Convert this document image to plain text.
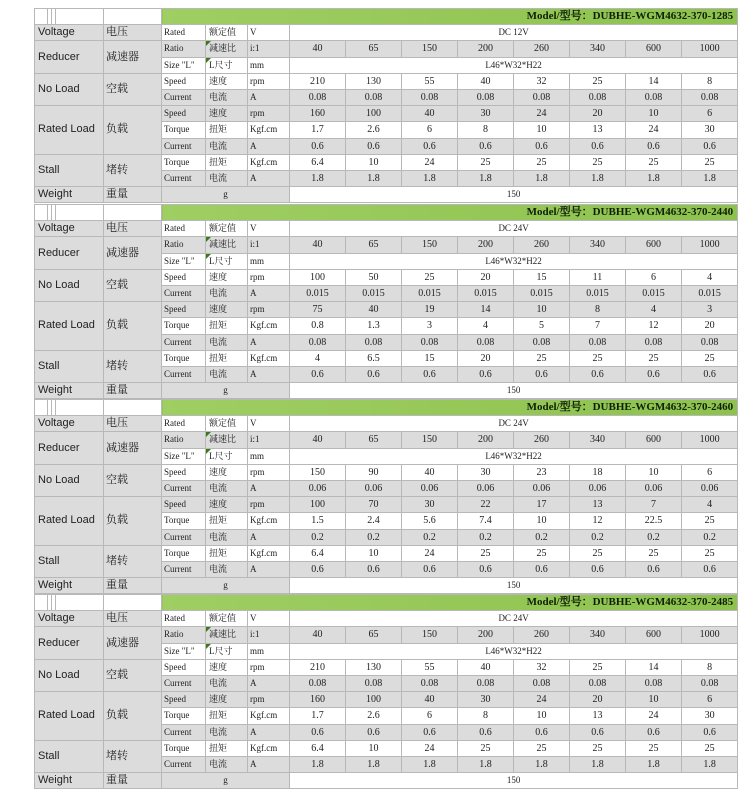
					Model/型号：DUBHE-WGM4632-370-1285										
Voltage				电压	Rated	额定值	V	DC 12V							
Reducer				减速器	Ratio	减速比	i:1	40	65	150	200	260	340	600	1000
					Size "L"	L尺寸	mm	L46*W32*H22							
No Load				空载	Speed	速度	rpm	210	130	55	40	32	25	14	8
					Current	电流	A	0.08	0.08	0.08	0.08	0.08	0.08	0.08	0.08
Rated Load				负载	Speed	速度	rpm	160	100	40	30	24	20	10	6
					Torque	扭矩	Kgf.cm	1.7	2.6	6	8	10	13	24	30
					Current	电流	A	0.6	0.6	0.6	0.6	0.6	0.6	0.6	0.6
Stall				堵转	Torque	扭矩	Kgf.cm	6.4	10	24	25	25	25	25	25
					Current	电流	A	1.8	1.8	1.8	1.8	1.8	1.8	1.8	1.8
Weight				重量	g			150							
					Model/型号：DUBHE-WGM4632-370-2440										
Voltage				电压	Rated	额定值	V	DC 24V							
Reducer				减速器	Ratio	减速比	i:1	40	65	150	200	260	340	600	1000
					Size "L"	L尺寸	mm	L46*W32*H22							
No Load				空载	Speed	速度	rpm	100	50	25	20	15	11	6	4
					Current	电流	A	0.015	0.015	0.015	0.015	0.015	0.015	0.015	0.015
Rated Load				负载	Speed	速度	rpm	75	40	19	14	10	8	4	3
					Torque	扭矩	Kgf.cm	0.8	1.3	3	4	5	7	12	20
					Current	电流	A	0.08	0.08	0.08	0.08	0.08	0.08	0.08	0.08
Stall				堵转	Torque	扭矩	Kgf.cm	4	6.5	15	20	25	25	25	25
					Current	电流	A	0.6	0.6	0.6	0.6	0.6	0.6	0.6	0.6
Weight				重量	g			150							
					Model/型号：DUBHE-WGM4632-370-2460										
Voltage				电压	Rated	额定值	V	DC 24V							
Reducer				减速器	Ratio	减速比	i:1	40	65	150	200	260	340	600	1000
					Size "L"	L尺寸	mm	L46*W32*H22							
No Load				空载	Speed	速度	rpm	150	90	40	30	23	18	10	6
					Current	电流	A	0.06	0.06	0.06	0.06	0.06	0.06	0.06	0.06
Rated Load				负载	Speed	速度	rpm	100	70	30	22	17	13	7	4
					Torque	扭矩	Kgf.cm	1.5	2.4	5.6	7.4	10	12	22.5	25
					Current	电流	A	0.2	0.2	0.2	0.2	0.2	0.2	0.2	0.2
Stall				堵转	Torque	扭矩	Kgf.cm	6.4	10	24	25	25	25	25	25
					Current	电流	A	0.6	0.6	0.6	0.6	0.6	0.6	0.6	0.6
Weight				重量	g			150							
					Model/型号：DUBHE-WGM4632-370-2485										
Voltage				电压	Rated	额定值	V	DC 24V							
Reducer				减速器	Ratio	减速比	i:1	40	65	150	200	260	340	600	1000
					Size "L"	L尺寸	mm	L46*W32*H22							
No Load				空载	Speed	速度	rpm	210	130	55	40	32	25	14	8
					Current	电流	A	0.08	0.08	0.08	0.08	0.08	0.08	0.08	0.08
Rated Load				负载	Speed	速度	rpm	160	100	40	30	24	20	10	6
					Torque	扭矩	Kgf.cm	1.7	2.6	6	8	10	13	24	30
					Current	电流	A	0.6	0.6	0.6	0.6	0.6	0.6	0.6	0.6
Stall				堵转	Torque	扭矩	Kgf.cm	6.4	10	24	25	25	25	25	25
					Current	电流	A	1.8	1.8	1.8	1.8	1.8	1.8	1.8	1.8
Weight				重量	g			150							
